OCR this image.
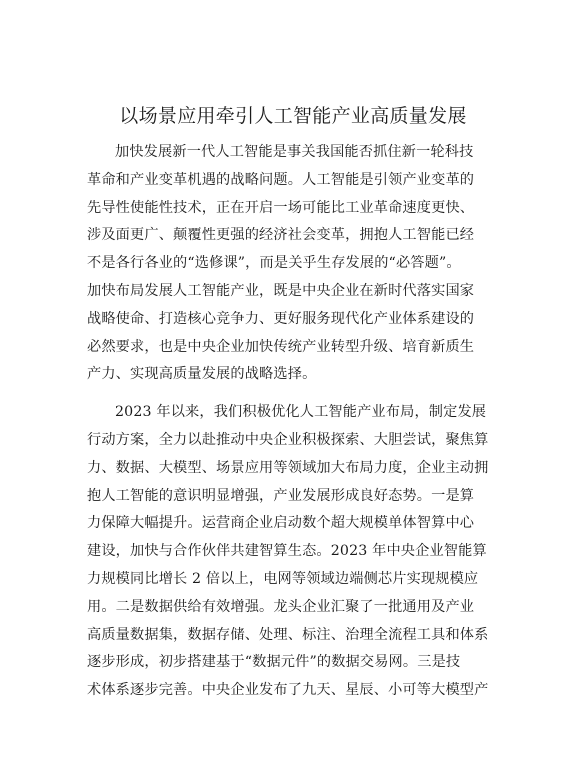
以场景应用牵引人工智能产业高质量发展
加快发展新一代人工智能是事关我国能否抓住新一轮科技
革命和产业变革机遇的战略问题。人工智能是引领产业变革的
先导性使能性技术，正在开启一场可能比工业革命速度更快、
涉及面更广、颠覆性更强的经济社会变革，拥抱人工智能已经
不是各行各业的“选修课”，而是关乎生存发展的“必答题”。
加快布局发展人工智能产业，既是中央企业在新时代落实国家
战略使命、打造核心竞争力、更好服务现代化产业体系建设的
必然要求，也是中央企业加快传统产业转型升级、培育新质生
产力、实现高质量发展的战略选择。
2023 年以来，我们积极优化人工智能产业布局，制定发展
行动方案，全力以赴推动中央企业积极探索、大胆尝试，聚焦算
力、数据、大模型、场景应用等领域加大布局力度，企业主动拥
抱人工智能的意识明显增强，产业发展形成良好态势。一是算
力保障大幅提升。运营商企业启动数个超大规模单体智算中心
建设，加快与合作伙伴共建智算生态。2023 年中央企业智能算
力规模同比增长 2 倍以上，电网等领域边端侧芯片实现规模应
用。二是数据供给有效增强。龙头企业汇聚了一批通用及产业
高质量数据集，数据存储、处理、标注、治理全流程工具和体系
逐步形成，初步搭建基于“数据元件”的数据交易网。三是技
术体系逐步完善。中央企业发布了九天、星辰、小可等大模型产
